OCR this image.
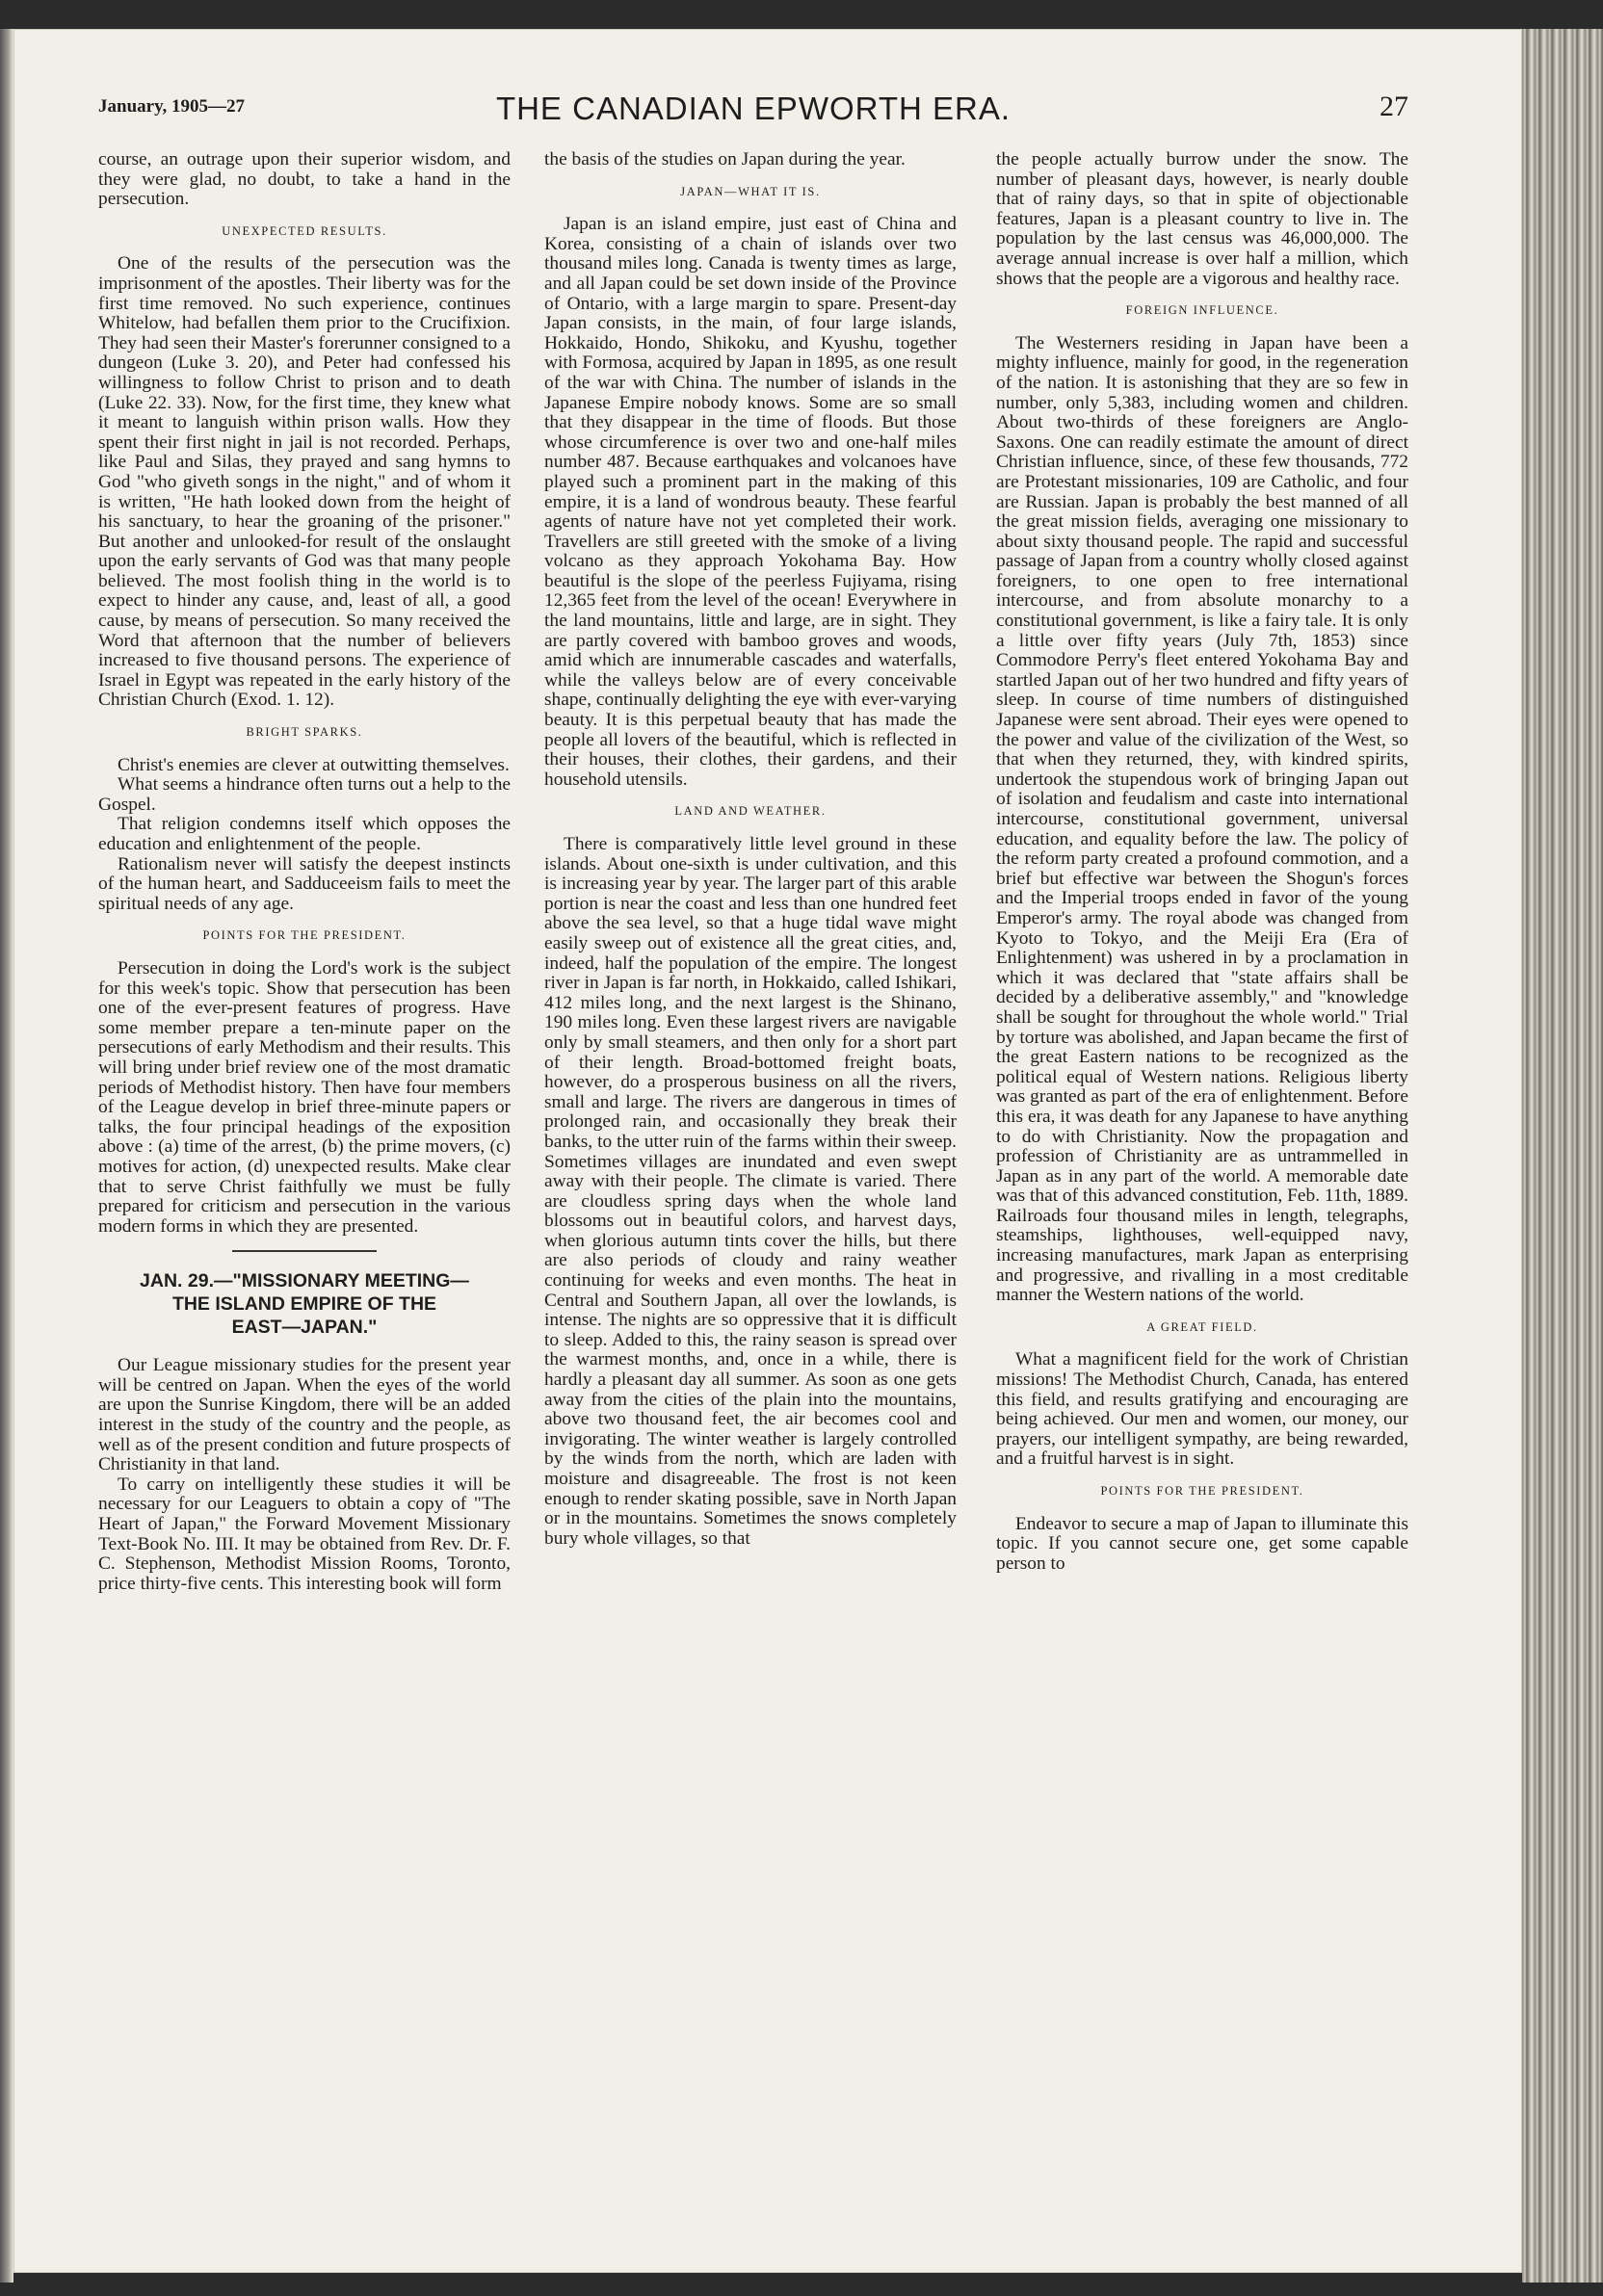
January, 1905—27	THE CANADIAN EPWORTH ERA.	27

course, an outrage upon their superior wisdom, and they were glad, no doubt, to take a hand in the persecution.

UNEXPECTED RESULTS.

One of the results of the persecution was the imprisonment of the apostles. Their liberty was for the first time removed. No such experience, continues Whitelow, had befallen them prior to the Crucifixion. They had seen their Master's forerunner consigned to a dungeon (Luke 3. 20), and Peter had confessed his willingness to follow Christ to prison and to death (Luke 22. 33). Now, for the first time, they knew what it meant to languish within prison walls. How they spent their first night in jail is not recorded. Perhaps, like Paul and Silas, they prayed and sang hymns to God "who giveth songs in the night," and of whom it is written, "He hath looked down from the height of his sanctuary, to hear the groaning of the prisoner." But another and unlooked-for result of the onslaught upon the early servants of God was that many people believed. The most foolish thing in the world is to expect to hinder any cause, and, least of all, a good cause, by means of persecution. So many received the Word that afternoon that the number of believers increased to five thousand persons. The experience of Israel in Egypt was repeated in the early history of the Christian Church (Exod. 1. 12).

BRIGHT SPARKS.

Christ's enemies are clever at outwitting themselves.

What seems a hindrance often turns out a help to the Gospel.

That religion condemns itself which opposes the education and enlightenment of the people.

Rationalism never will satisfy the deepest instincts of the human heart, and Sadduceeism fails to meet the spiritual needs of any age.

POINTS FOR THE PRESIDENT.

Persecution in doing the Lord's work is the subject for this week's topic. Show that persecution has been one of the ever-present features of progress. Have some member prepare a ten-minute paper on the persecutions of early Methodism and their results. This will bring under brief review one of the most dramatic periods of Methodist history. Then have four members of the League develop in brief three-minute papers or talks, the four principal headings of the exposition above : (a) time of the arrest, (b) the prime movers, (c) motives for action, (d) unexpected results. Make clear that to serve Christ faithfully we must be fully prepared for criticism and persecution in the various modern forms in which they are presented.

JAN. 29.—"MISSIONARY MEETING—
THE ISLAND EMPIRE OF THE
EAST—JAPAN."

Our League missionary studies for the present year will be centred on Japan. When the eyes of the world are upon the Sunrise Kingdom, there will be an added interest in the study of the country and the people, as well as of the present condition and future prospects of Christianity in that land.

To carry on intelligently these studies it will be necessary for our Leaguers to obtain a copy of "The Heart of Japan," the Forward Movement Missionary Text-Book No. III. It may be obtained from Rev. Dr. F. C. Stephenson, Methodist Mission Rooms, Toronto, price thirty-five cents. This interesting book will form

the basis of the studies on Japan during the year.

JAPAN—WHAT IT IS.

Japan is an island empire, just east of China and Korea, consisting of a chain of islands over two thousand miles long. Canada is twenty times as large, and all Japan could be set down inside of the Province of Ontario, with a large margin to spare. Present-day Japan consists, in the main, of four large islands, Hokkaido, Hondo, Shikoku, and Kyushu, together with Formosa, acquired by Japan in 1895, as one result of the war with China. The number of islands in the Japanese Empire nobody knows. Some are so small that they disappear in the time of floods. But those whose circumference is over two and one-half miles number 487. Because earthquakes and volcanoes have played such a prominent part in the making of this empire, it is a land of wondrous beauty. These fearful agents of nature have not yet completed their work. Travellers are still greeted with the smoke of a living volcano as they approach Yokohama Bay. How beautiful is the slope of the peerless Fujiyama, rising 12,365 feet from the level of the ocean! Everywhere in the land mountains, little and large, are in sight. They are partly covered with bamboo groves and woods, amid which are innumerable cascades and waterfalls, while the valleys below are of every conceivable shape, continually delighting the eye with ever-varying beauty. It is this perpetual beauty that has made the people all lovers of the beautiful, which is reflected in their houses, their clothes, their gardens, and their household utensils.

LAND AND WEATHER.

There is comparatively little level ground in these islands. About one-sixth is under cultivation, and this is increasing year by year. The larger part of this arable portion is near the coast and less than one hundred feet above the sea level, so that a huge tidal wave might easily sweep out of existence all the great cities, and, indeed, half the population of the empire. The longest river in Japan is far north, in Hokkaido, called Ishikari, 412 miles long, and the next largest is the Shinano, 190 miles long. Even these largest rivers are navigable only by small steamers, and then only for a short part of their length. Broad-bottomed freight boats, however, do a prosperous business on all the rivers, small and large. The rivers are dangerous in times of prolonged rain, and occasionally they break their banks, to the utter ruin of the farms within their sweep. Sometimes villages are inundated and even swept away with their people. The climate is varied. There are cloudless spring days when the whole land blossoms out in beautiful colors, and harvest days, when glorious autumn tints cover the hills, but there are also periods of cloudy and rainy weather continuing for weeks and even months. The heat in Central and Southern Japan, all over the lowlands, is intense. The nights are so oppressive that it is difficult to sleep. Added to this, the rainy season is spread over the warmest months, and, once in a while, there is hardly a pleasant day all summer. As soon as one gets away from the cities of the plain into the mountains, above two thousand feet, the air becomes cool and invigorating. The winter weather is largely controlled by the winds from the north, which are laden with moisture and disagreeable. The frost is not keen enough to render skating possible, save in North Japan or in the mountains. Sometimes the snows completely bury whole villages, so that

the people actually burrow under the snow. The number of pleasant days, however, is nearly double that of rainy days, so that in spite of objectionable features, Japan is a pleasant country to live in. The population by the last census was 46,000,000. The average annual increase is over half a million, which shows that the people are a vigorous and healthy race.

FOREIGN INFLUENCE.

The Westerners residing in Japan have been a mighty influence, mainly for good, in the regeneration of the nation. It is astonishing that they are so few in number, only 5,383, including women and children. About two-thirds of these foreigners are Anglo-Saxons. One can readily estimate the amount of direct Christian influence, since, of these few thousands, 772 are Protestant missionaries, 109 are Catholic, and four are Russian. Japan is probably the best manned of all the great mission fields, averaging one missionary to about sixty thousand people. The rapid and successful passage of Japan from a country wholly closed against foreigners, to one open to free international intercourse, and from absolute monarchy to a constitutional government, is like a fairy tale. It is only a little over fifty years (July 7th, 1853) since Commodore Perry's fleet entered Yokohama Bay and startled Japan out of her two hundred and fifty years of sleep. In course of time numbers of distinguished Japanese were sent abroad. Their eyes were opened to the power and value of the civilization of the West, so that when they returned, they, with kindred spirits, undertook the stupendous work of bringing Japan out of isolation and feudalism and caste into international intercourse, constitutional government, universal education, and equality before the law. The policy of the reform party created a profound commotion, and a brief but effective war between the Shogun's forces and the Imperial troops ended in favor of the young Emperor's army. The royal abode was changed from Kyoto to Tokyo, and the Meiji Era (Era of Enlightenment) was ushered in by a proclamation in which it was declared that "state affairs shall be decided by a deliberative assembly," and "knowledge shall be sought for throughout the whole world." Trial by torture was abolished, and Japan became the first of the great Eastern nations to be recognized as the political equal of Western nations. Religious liberty was granted as part of the era of enlightenment. Before this era, it was death for any Japanese to have anything to do with Christianity. Now the propagation and profession of Christianity are as untrammelled in Japan as in any part of the world. A memorable date was that of this advanced constitution, Feb. 11th, 1889. Railroads four thousand miles in length, telegraphs, steamships, lighthouses, well-equipped navy, increasing manufactures, mark Japan as enterprising and progressive, and rivalling in a most creditable manner the Western nations of the world.

A GREAT FIELD.

What a magnificent field for the work of Christian missions! The Methodist Church, Canada, has entered this field, and results gratifying and encouraging are being achieved. Our men and women, our money, our prayers, our intelligent sympathy, are being rewarded, and a fruitful harvest is in sight.

POINTS FOR THE PRESIDENT.

Endeavor to secure a map of Japan to illuminate this topic. If you cannot secure one, get some capable person to
